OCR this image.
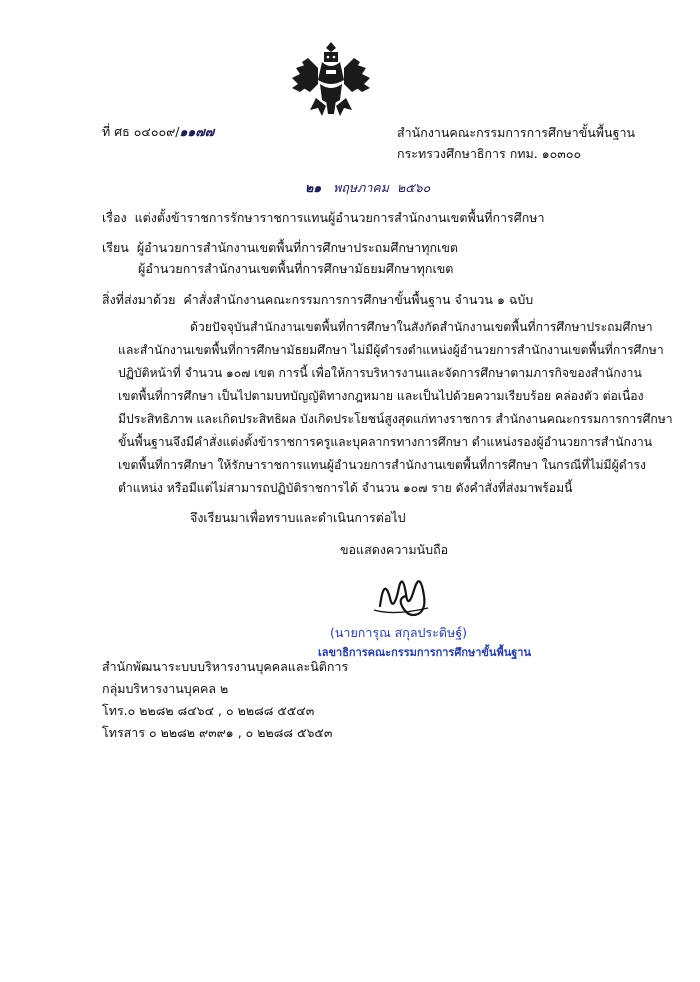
ที่ ศธ ๐๔๐๐๙/๑๑๗๗	สำนักงานคณะกรรมการการศึกษาขั้นพื้นฐาน
กระทรวงศึกษาธิการ กทม. ๑๐๓๐๐
๒๑ พฤษภาคม ๒๕๖๐
เรื่อง แต่งตั้งข้าราชการรักษาราชการแทนผู้อำนวยการสำนักงานเขตพื้นที่การศึกษา
เรียน ผู้อำนวยการสำนักงานเขตพื้นที่การศึกษาประถมศึกษาทุกเขต
ผู้อำนวยการสำนักงานเขตพื้นที่การศึกษามัธยมศึกษาทุกเขต
สิ่งที่ส่งมาด้วย คำสั่งสำนักงานคณะกรรมการการศึกษาขั้นพื้นฐาน จำนวน ๑ ฉบับ
ด้วยปัจจุบันสำนักงานเขตพื้นที่การศึกษาในสังกัดสำนักงานเขตพื้นที่การศึกษาประถมศึกษา
และสำนักงานเขตพื้นที่การศึกษามัธยมศึกษา ไม่มีผู้ดำรงตำแหน่งผู้อำนวยการสำนักงานเขตพื้นที่การศึกษา
ปฏิบัติหน้าที่ จำนวน ๑๐๗ เขต การนี้ เพื่อให้การบริหารงานและจัดการศึกษาตามภารกิจของสำนักงาน
เขตพื้นที่การศึกษา เป็นไปตามบทบัญญัติทางกฎหมาย และเป็นไปด้วยความเรียบร้อย คล่องตัว ต่อเนื่อง
มีประสิทธิภาพ และเกิดประสิทธิผล บังเกิดประโยชน์สูงสุดแก่ทางราชการ สำนักงานคณะกรรมการการศึกษา
ขั้นพื้นฐานจึงมีคำสั่งแต่งตั้งข้าราชการครูและบุคลากรทางการศึกษา ตำแหน่งรองผู้อำนวยการสำนักงาน
เขตพื้นที่การศึกษา ให้รักษาราชการแทนผู้อำนวยการสำนักงานเขตพื้นที่การศึกษา ในกรณีที่ไม่มีผู้ดำรง
ตำแหน่ง หรือมีแต่ไม่สามารถปฏิบัติราชการได้ จำนวน ๑๐๗ ราย ดังคำสั่งที่ส่งมาพร้อมนี้
จึงเรียนมาเพื่อทราบและดำเนินการต่อไป
ขอแสดงความนับถือ
(นายการุณ สกุลประดิษฐ์)
เลขาธิการคณะกรรมการการศึกษาขั้นพื้นฐาน
สำนักพัฒนาระบบบริหารงานบุคคลและนิติการ
กลุ่มบริหารงานบุคคล ๒
โทร.๐ ๒๒๘๒ ๘๔๖๔ , ๐ ๒๒๘๘ ๕๕๔๓
โทรสาร ๐ ๒๒๘๒ ๙๓๙๑ , ๐ ๒๒๘๘ ๕๖๕๓
